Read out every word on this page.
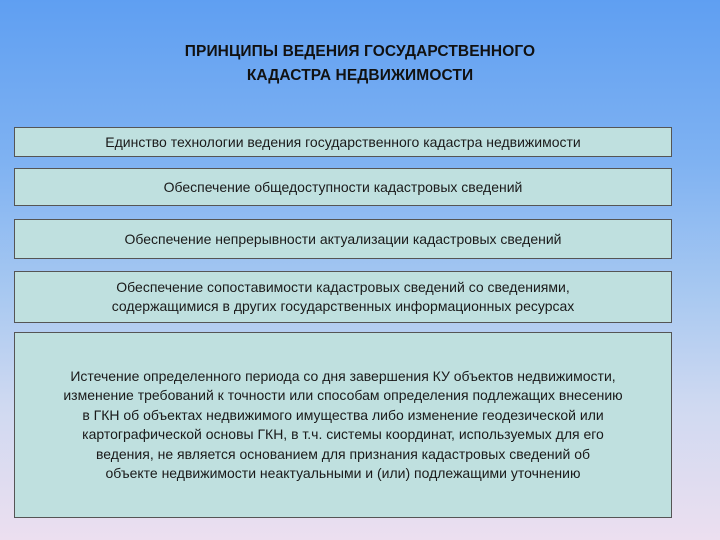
ПРИНЦИПЫ ВЕДЕНИЯ ГОСУДАРСТВЕННОГО
КАДАСТРА НЕДВИЖИМОСТИ
Единство технологии ведения государственного кадастра недвижимости
Обеспечение общедоступности кадастровых сведений
Обеспечение непрерывности актуализации кадастровых сведений
Обеспечение сопоставимости кадастровых сведений со сведениями,
содержащимися в других государственных информационных ресурсах
Истечение определенного периода со дня завершения КУ объектов недвижимости,
изменение требований к точности или способам определения подлежащих внесению
в ГКН об объектах недвижимого имущества либо изменение геодезической или
картографической основы ГКН, в т.ч. системы координат, используемых для его
ведения, не является основанием для признания кадастровых сведений об
объекте недвижимости неактуальными и (или) подлежащими уточнению
